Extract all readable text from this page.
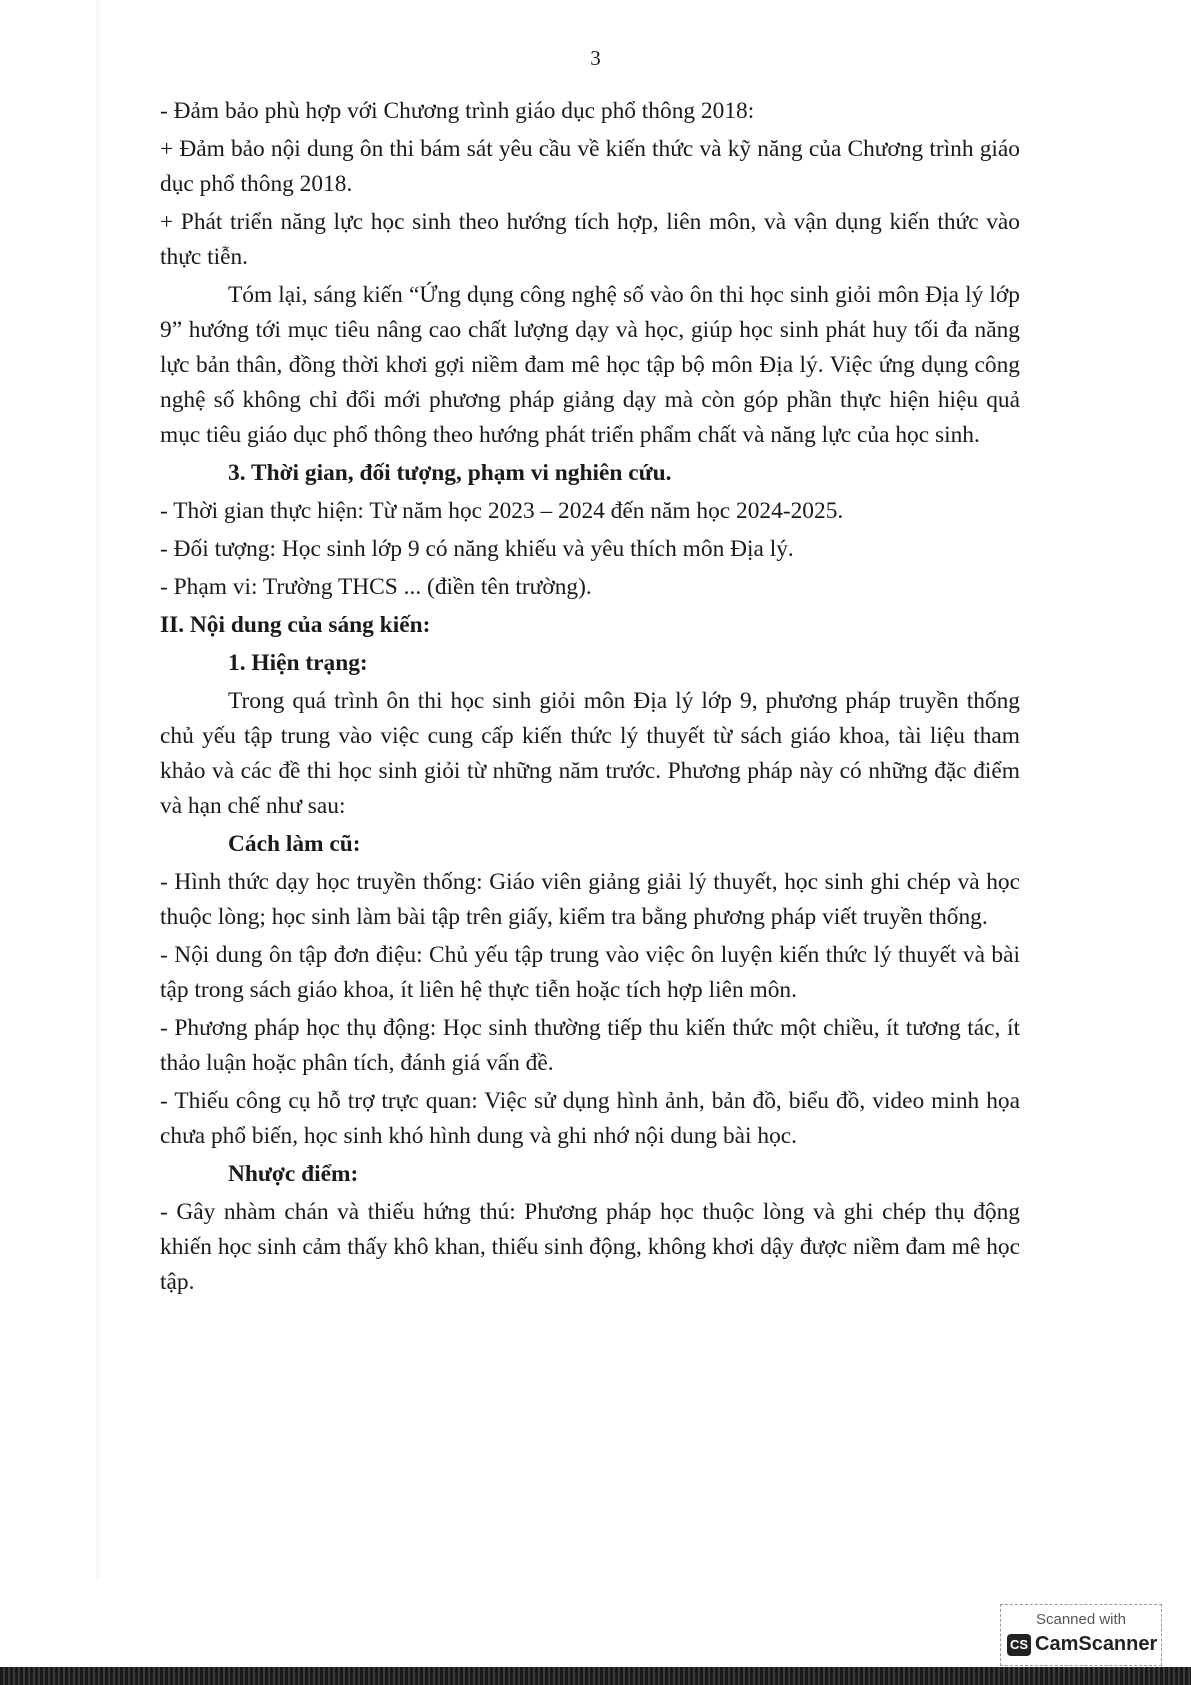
3

- Đảm bảo phù hợp với Chương trình giáo dục phổ thông 2018:

+ Đảm bảo nội dung ôn thi bám sát yêu cầu về kiến thức và kỹ năng của Chương trình giáo dục phổ thông 2018.

+ Phát triển năng lực học sinh theo hướng tích hợp, liên môn, và vận dụng kiến thức vào thực tiễn.

Tóm lại, sáng kiến “Ứng dụng công nghệ số vào ôn thi học sinh giỏi môn Địa lý lớp 9” hướng tới mục tiêu nâng cao chất lượng dạy và học, giúp học sinh phát huy tối đa năng lực bản thân, đồng thời khơi gợi niềm đam mê học tập bộ môn Địa lý. Việc ứng dụng công nghệ số không chỉ đổi mới phương pháp giảng dạy mà còn góp phần thực hiện hiệu quả mục tiêu giáo dục phổ thông theo hướng phát triển phẩm chất và năng lực của học sinh.

3. Thời gian, đối tượng, phạm vi nghiên cứu.

- Thời gian thực hiện: Từ năm học 2023 – 2024 đến năm học 2024-2025.

- Đối tượng: Học sinh lớp 9 có năng khiếu và yêu thích môn Địa lý.

- Phạm vi: Trường THCS ... (điền tên trường).

II. Nội dung của sáng kiến:

1. Hiện trạng:

Trong quá trình ôn thi học sinh giỏi môn Địa lý lớp 9, phương pháp truyền thống chủ yếu tập trung vào việc cung cấp kiến thức lý thuyết từ sách giáo khoa, tài liệu tham khảo và các đề thi học sinh giỏi từ những năm trước. Phương pháp này có những đặc điểm và hạn chế như sau:

Cách làm cũ:

- Hình thức dạy học truyền thống: Giáo viên giảng giải lý thuyết, học sinh ghi chép và học thuộc lòng; học sinh làm bài tập trên giấy, kiểm tra bằng phương pháp viết truyền thống.

- Nội dung ôn tập đơn điệu: Chủ yếu tập trung vào việc ôn luyện kiến thức lý thuyết và bài tập trong sách giáo khoa, ít liên hệ thực tiễn hoặc tích hợp liên môn.

- Phương pháp học thụ động: Học sinh thường tiếp thu kiến thức một chiều, ít tương tác, ít thảo luận hoặc phân tích, đánh giá vấn đề.

- Thiếu công cụ hỗ trợ trực quan: Việc sử dụng hình ảnh, bản đồ, biểu đồ, video minh họa chưa phổ biến, học sinh khó hình dung và ghi nhớ nội dung bài học.

Nhược điểm:

- Gây nhàm chán và thiếu hứng thú: Phương pháp học thuộc lòng và ghi chép thụ động khiến học sinh cảm thấy khô khan, thiếu sinh động, không khơi dậy được niềm đam mê học tập.

Scanned with
CS CamScanner
